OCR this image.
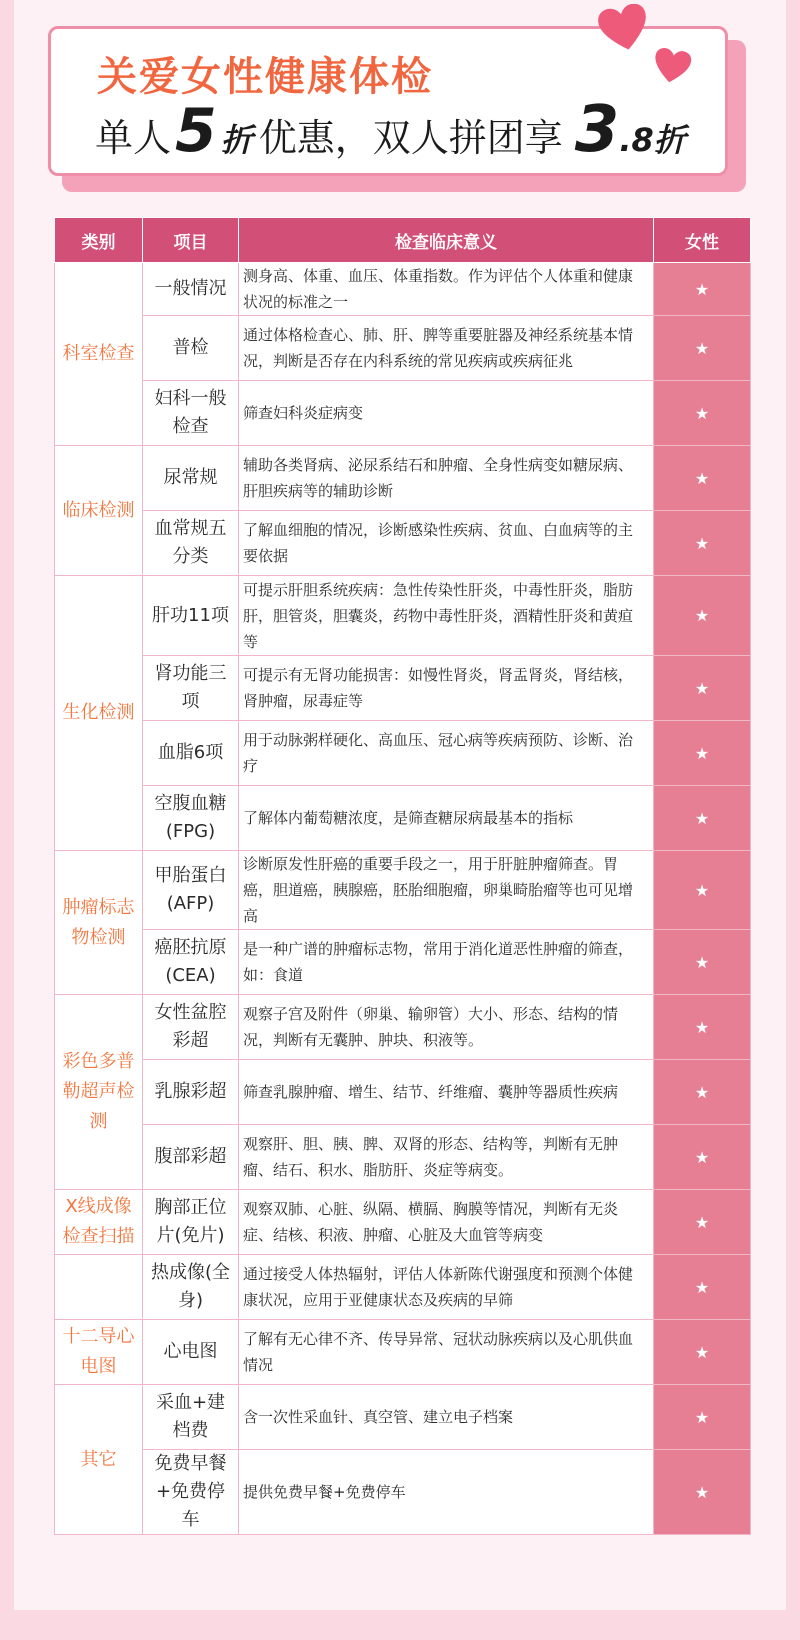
关爱女性健康体检
单人 5 折 优惠，双人拼团享 3 .8 折
类别	项目	检查临床意义	女性
科室检查	一般情况	测身高、体重、血压、体重指数。作为评估个人体重和健康状况的标准之一	★
	普检	通过体格检查心、肺、肝、脾等重要脏器及神经系统基本情况，判断是否存在内科系统的常见疾病或疾病征兆	★
	妇科一般检查	筛查妇科炎症病变	★
临床检测	尿常规	辅助各类肾病、泌尿系结石和肿瘤、全身性病变如糖尿病、肝胆疾病等的辅助诊断	★
	血常规五分类	了解血细胞的情况，诊断感染性疾病、贫血、白血病等的主要依据	★
生化检测	肝功11项	可提示肝胆系统疾病：急性传染性肝炎，中毒性肝炎，脂肪肝，胆管炎，胆囊炎，药物中毒性肝炎，酒精性肝炎和黄疸等	★
	肾功能三项	可提示有无肾功能损害：如慢性肾炎，肾盂肾炎，肾结核，肾肿瘤，尿毒症等	★
	血脂6项	用于动脉粥样硬化、高血压、冠心病等疾病预防、诊断、治疗	★
	空腹血糖(FPG)	了解体内葡萄糖浓度，是筛查糖尿病最基本的指标	★
肿瘤标志物检测	甲胎蛋白(AFP)	诊断原发性肝癌的重要手段之一，用于肝脏肿瘤筛查。胃癌，胆道癌，胰腺癌，胚胎细胞瘤，卵巢畸胎瘤等也可见增高	★
	癌胚抗原(CEA)	是一种广谱的肿瘤标志物，常用于消化道恶性肿瘤的筛查，如：食道	★
彩色多普勒超声检测	女性盆腔彩超	观察子宫及附件（卵巢、输卵管）大小、形态、结构的情况，判断有无囊肿、肿块、积液等。	★
	乳腺彩超	筛查乳腺肿瘤、增生、结节、纤维瘤、囊肿等器质性疾病	★
	腹部彩超	观察肝、胆、胰、脾、双肾的形态、结构等，判断有无肿瘤、结石、积水、脂肪肝、炎症等病变。	★
X线成像检查扫描	胸部正位片(免片)	观察双肺、心脏、纵隔、横膈、胸膜等情况，判断有无炎症、结核、积液、肿瘤、心脏及大血管等病变	★
	热成像(全身)	通过接受人体热辐射，评估人体新陈代谢强度和预测个体健康状况，应用于亚健康状态及疾病的早筛	★
十二导心电图	心电图	了解有无心律不齐、传导异常、冠状动脉疾病以及心肌供血情况	★
其它	采血+建档费	含一次性采血针、真空管、建立电子档案	★
	免费早餐+免费停车	提供免费早餐+免费停车	★
